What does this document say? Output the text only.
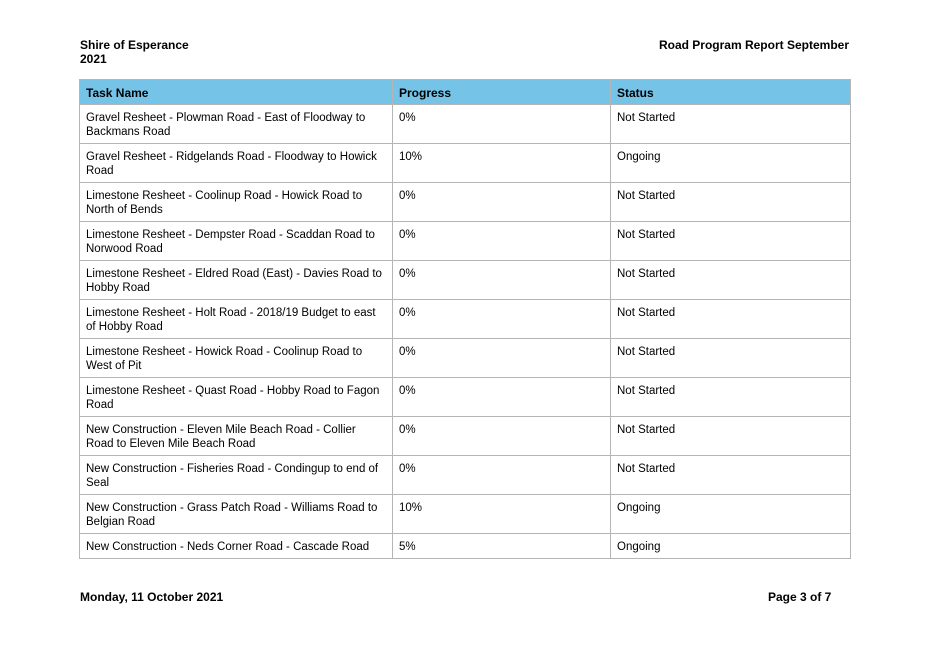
Shire of Esperance
2021
Road Program Report September
Task Name	Progress	Status
Gravel Resheet - Plowman Road - East of Floodway to Backmans Road	0%	Not Started
Gravel Resheet - Ridgelands Road - Floodway to Howick Road	10%	Ongoing
Limestone Resheet - Coolinup Road - Howick Road to North of Bends	0%	Not Started
Limestone Resheet - Dempster Road - Scaddan Road to Norwood Road	0%	Not Started
Limestone Resheet - Eldred Road (East) - Davies Road to Hobby Road	0%	Not Started
Limestone Resheet - Holt Road - 2018/19 Budget to east of Hobby Road	0%	Not Started
Limestone Resheet - Howick Road - Coolinup Road to West of Pit	0%	Not Started
Limestone Resheet - Quast Road - Hobby Road to Fagon Road	0%	Not Started
New Construction - Eleven Mile Beach Road - Collier Road to Eleven Mile Beach Road	0%	Not Started
New Construction - Fisheries Road - Condingup to end of Seal	0%	Not Started
New Construction - Grass Patch Road - Williams Road to Belgian Road	10%	Ongoing
New Construction - Neds Corner Road - Cascade Road	5%	Ongoing
Monday, 11 October 2021	Page 3 of 7
